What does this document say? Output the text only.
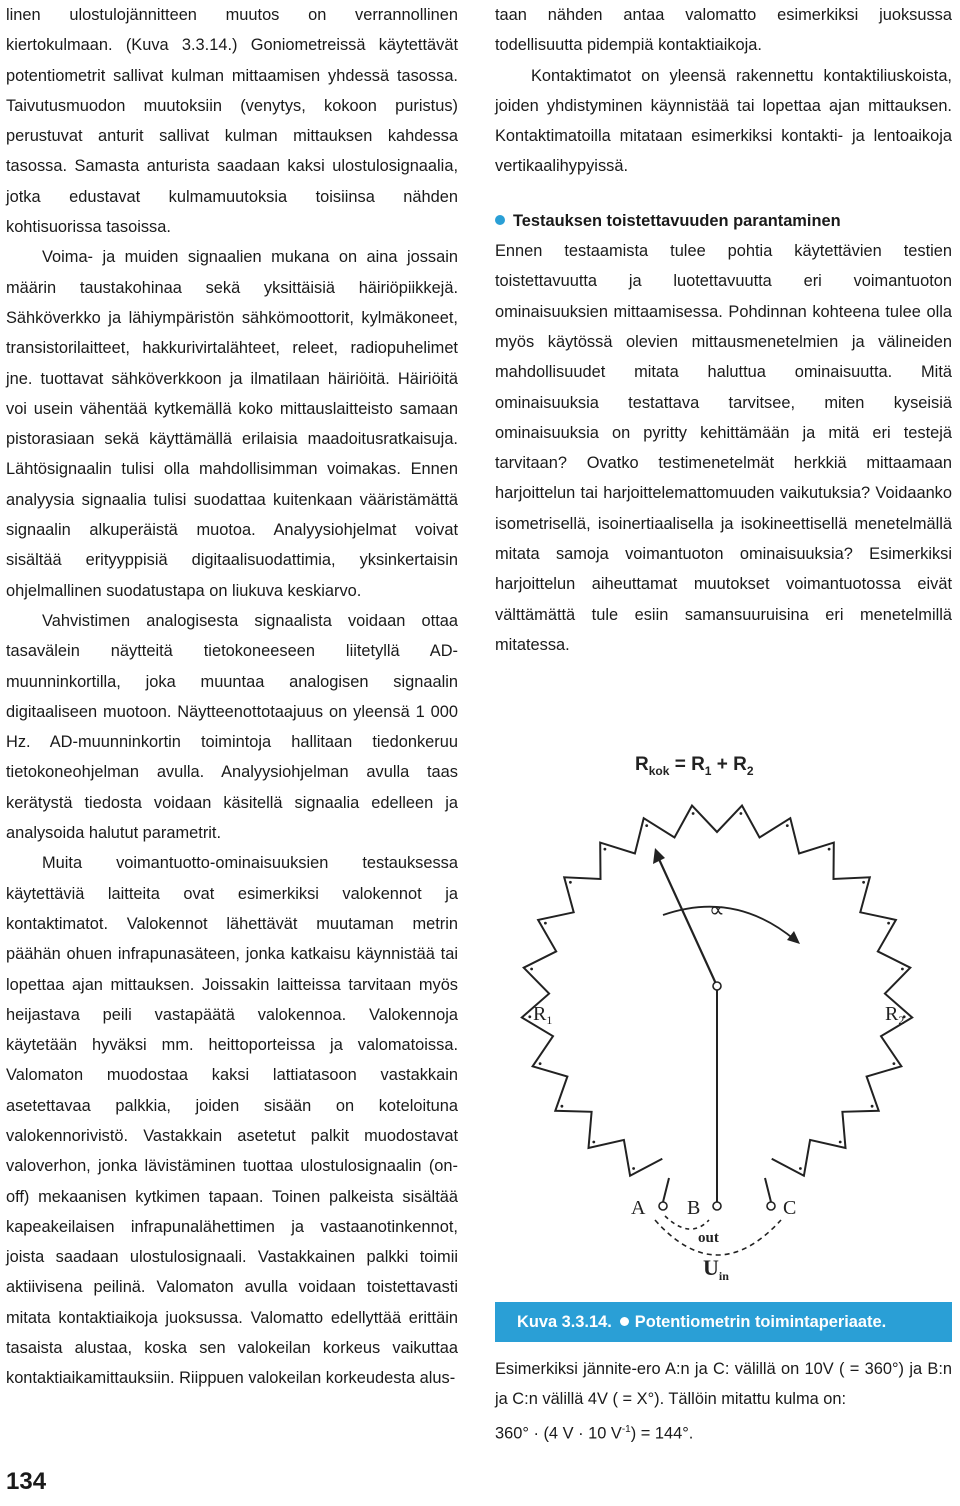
linen ulostulojännitteen muutos on verrannollinen kiertokulmaan. (Kuva 3.3.14.) Goniometreissä käytettävät potentiometrit sallivat kulman mittaamisen yhdessä tasossa. Taivutusmuodon muutoksiin (venytys, kokoon puristus) perustuvat anturit sallivat kulman mittauksen kahdessa tasossa. Samasta anturista saadaan kaksi ulostulosignaalia, jotka edustavat kulmamuutoksia toisiinsa nähden kohtisuorissa tasoissa.

Voima- ja muiden signaalien mukana on aina jossain määrin taustakohinaa sekä yksittäisiä häiriöpiikkejä. Sähköverkko ja lähiympäristön sähkömoottorit, kylmäkoneet, transistorilaitteet, hakkurivirtalähteet, releet, radiopuhelimet jne. tuottavat sähköverkkoon ja ilmatilaan häiriöitä. Häiriöitä voi usein vähentää kytkemällä koko mittauslaitteisto samaan pistorasiaan sekä käyttämällä erilaisia maadoitusratkaisuja. Lähtösignaalin tulisi olla mahdollisimman voimakas. Ennen analyysia signaalia tulisi suodattaa kuitenkaan vääristämättä signaalin alkuperäistä muotoa. Analyysiohjelmat voivat sisältää erityyppisiä digitaalisuodattimia, yksinkertaisin ohjelmallinen suodatustapa on liukuva keskiarvo.

Vahvistimen analogisesta signaalista voidaan ottaa tasavälein näytteitä tietokoneeseen liitetyllä AD-muunninkortilla, joka muuntaa analogisen signaalin digitaaliseen muotoon. Näytteenottotaajuus on yleensä 1 000 Hz. AD-muunninkortin toimintoja hallitaan tiedonkeruu tietokoneohjelman avulla. Analyysiohjelman avulla taas kerätystä tiedosta voidaan käsitellä signaalia edelleen ja analysoida halutut parametrit.

Muita voimantuotto-ominaisuuksien testauksessa käytettäviä laitteita ovat esimerkiksi valokennot ja kontaktimatot. Valokennot lähettävät muutaman metrin päähän ohuen infrapunasäteen, jonka katkaisu käynnistää tai lopettaa ajan mittauksen. Joissakin laitteissa tarvitaan myös heijastava peili vastapäätä valokennoa. Valokennoja käytetään hyväksi mm. heittoporteissa ja valomatoissa. Valomaton muodostaa kaksi lattiatasoon vastakkain asetettavaa palkkia, joiden sisään on koteloituna valokennorivistö. Vastakkain asetetut palkit muodostavat valoverhon, jonka lävistäminen tuottaa ulostulosignaalin (on-off) mekaanisen kytkimen tapaan. Toinen palkeista sisältää kapeakeilaisen infrapunalähettimen ja vastaanotinkennot, joista saadaan ulostulosignaali. Vastakkainen palkki toimii aktiivisena peilinä. Valomaton avulla voidaan toistettavasti mitata kontaktiaikoja juoksussa. Valomatto edellyttää erittäin tasaista alustaa, koska sen valokeilan korkeus vaikuttaa kontaktiaikamittauksiin. Riippuen valokeilan korkeudesta alus-

taan nähden antaa valomatto esimerkiksi juoksussa todellisuutta pidempiä kontaktiaikoja.

Kontaktimatot on yleensä rakennettu kontaktiliuskoista, joiden yhdistyminen käynnistää tai lopettaa ajan mittauksen. Kontaktimatoilla mitataan esimerkiksi kontakti- ja lentoaikoja vertikaalihypyissä.

Testauksen toistettavuuden parantaminen

Ennen testaamista tulee pohtia käytettävien testien toistettavuutta ja luotettavuutta eri voimantuoton ominaisuuksien mittaamisessa. Pohdinnan kohteena tulee olla myös käytössä olevien mittausmenetelmien ja välineiden mahdollisuudet mitata haluttua ominaisuutta. Mitä ominaisuuksia testattava tarvitsee, miten kyseisiä ominaisuuksia on pyritty kehittämään ja mitä eri testejä tarvitaan? Ovatko testimenetelmät herkkiä mittaamaan harjoittelun tai harjoittelemattomuuden vaikutuksia? Voidaanko isometrisellä, isoinertiaalisella ja isokineettisellä menetelmällä mitata samoja voimantuoton ominaisuuksia? Esimerkiksi harjoittelun aiheuttamat muutokset voimantuotossa eivät välttämättä tule esiin samansuuruisina eri menetelmillä mitatessa.

$R_{kok} = R_1 + R_2$
∝
$R_1$	$R_2$
A B	C
out
$U_{in}$
Kuva 3.3.14. Potentiometrin toimintaperiaate.

Esimerkiksi jännite-ero A:n ja C: välillä on 10V ( = 360°) ja B:n ja C:n välillä 4V ( = X°). Tällöin mitattu kulma on:

360° · (4 V · 10 $V^{-1}) = 144^\circ$.

134
